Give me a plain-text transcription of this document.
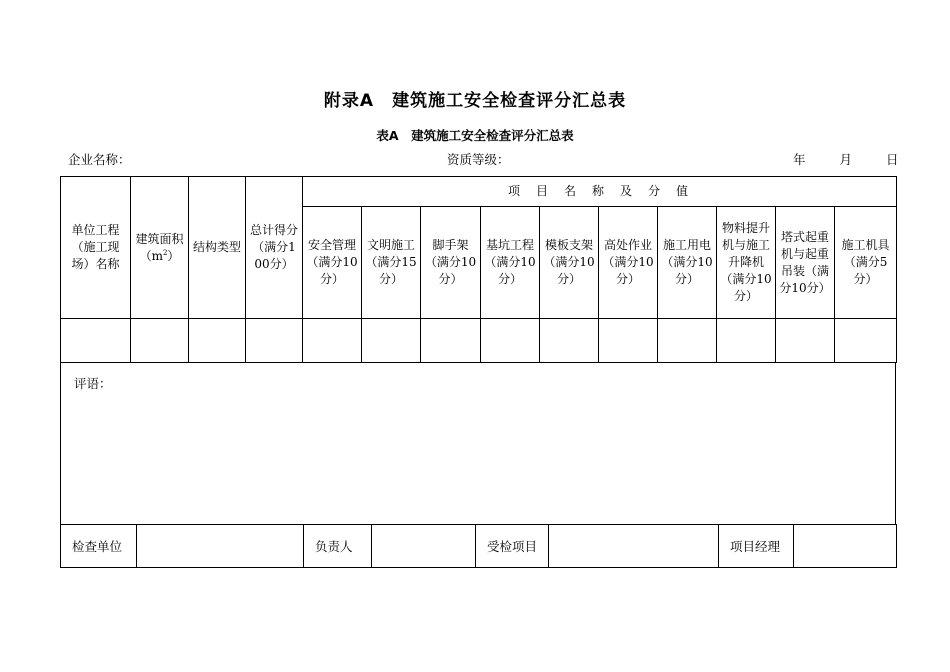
附录A　建筑施工安全检查评分汇总表
表A　建筑施工安全检查评分汇总表
企业名称：	资质等级：	年	月	日
单位工程（施工现场）名称	建筑面积$(m^2)$	结构类型	总计得分（满分100分）	项目名称及分值									
				安全管理（满分10分）	文明施工（满分15分）	脚手架（满分10分）	基坑工程（满分10分）	模板支架（满分10分）	高处作业（满分10分）	施工用电（满分10分）	物料提升机与施工升降机（满分10分）	塔式起重机与起重吊装（满分10分）	施工机具（满分5分）

评语：
检查单位		负责人		受检项目		项目经理	
